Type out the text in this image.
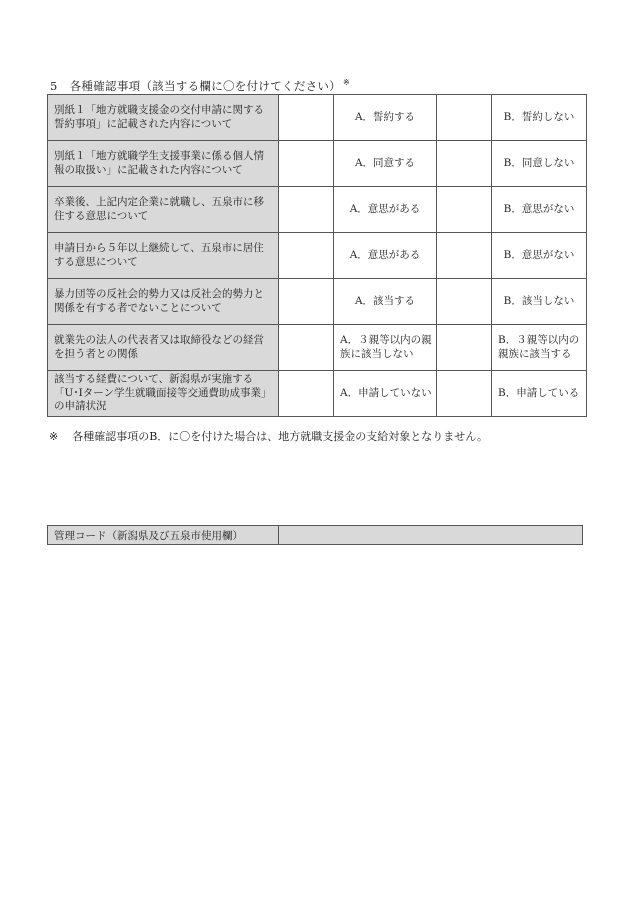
5 各種確認事項（該当する欄に〇を付けてください） ※
別紙１「地方就職支援金の交付申請に関する誓約事項」に記載された内容について		A．誓約する		B．誓約しない
別紙１「地方就職学生支援事業に係る個人情報の取扱い」に記載された内容について		A．同意する		B．同意しない
卒業後、上記内定企業に就職し、五泉市に移住する意思について		A．意思がある		B．意思がない
申請日から５年以上継続して、五泉市に居住する意思について		A．意思がある		B．意思がない
暴力団等の反社会的勢力又は反社会的勢力と関係を有する者でないことについて		A．該当する		B．該当しない
就業先の法人の代表者又は取締役などの経営を担う者との関係		A．３親等以内の親族に該当しない		B．３親等以内の親族に該当する
該当する経費について、新潟県が実施する「U･Iターン学生就職面接等交通費助成事業」の申請状況		A．申請していない		B．申請している
※ 各種確認事項のB．に〇を付けた場合は、地方就職支援金の支給対象となりません。
管理コード（新潟県及び五泉市使用欄）	
